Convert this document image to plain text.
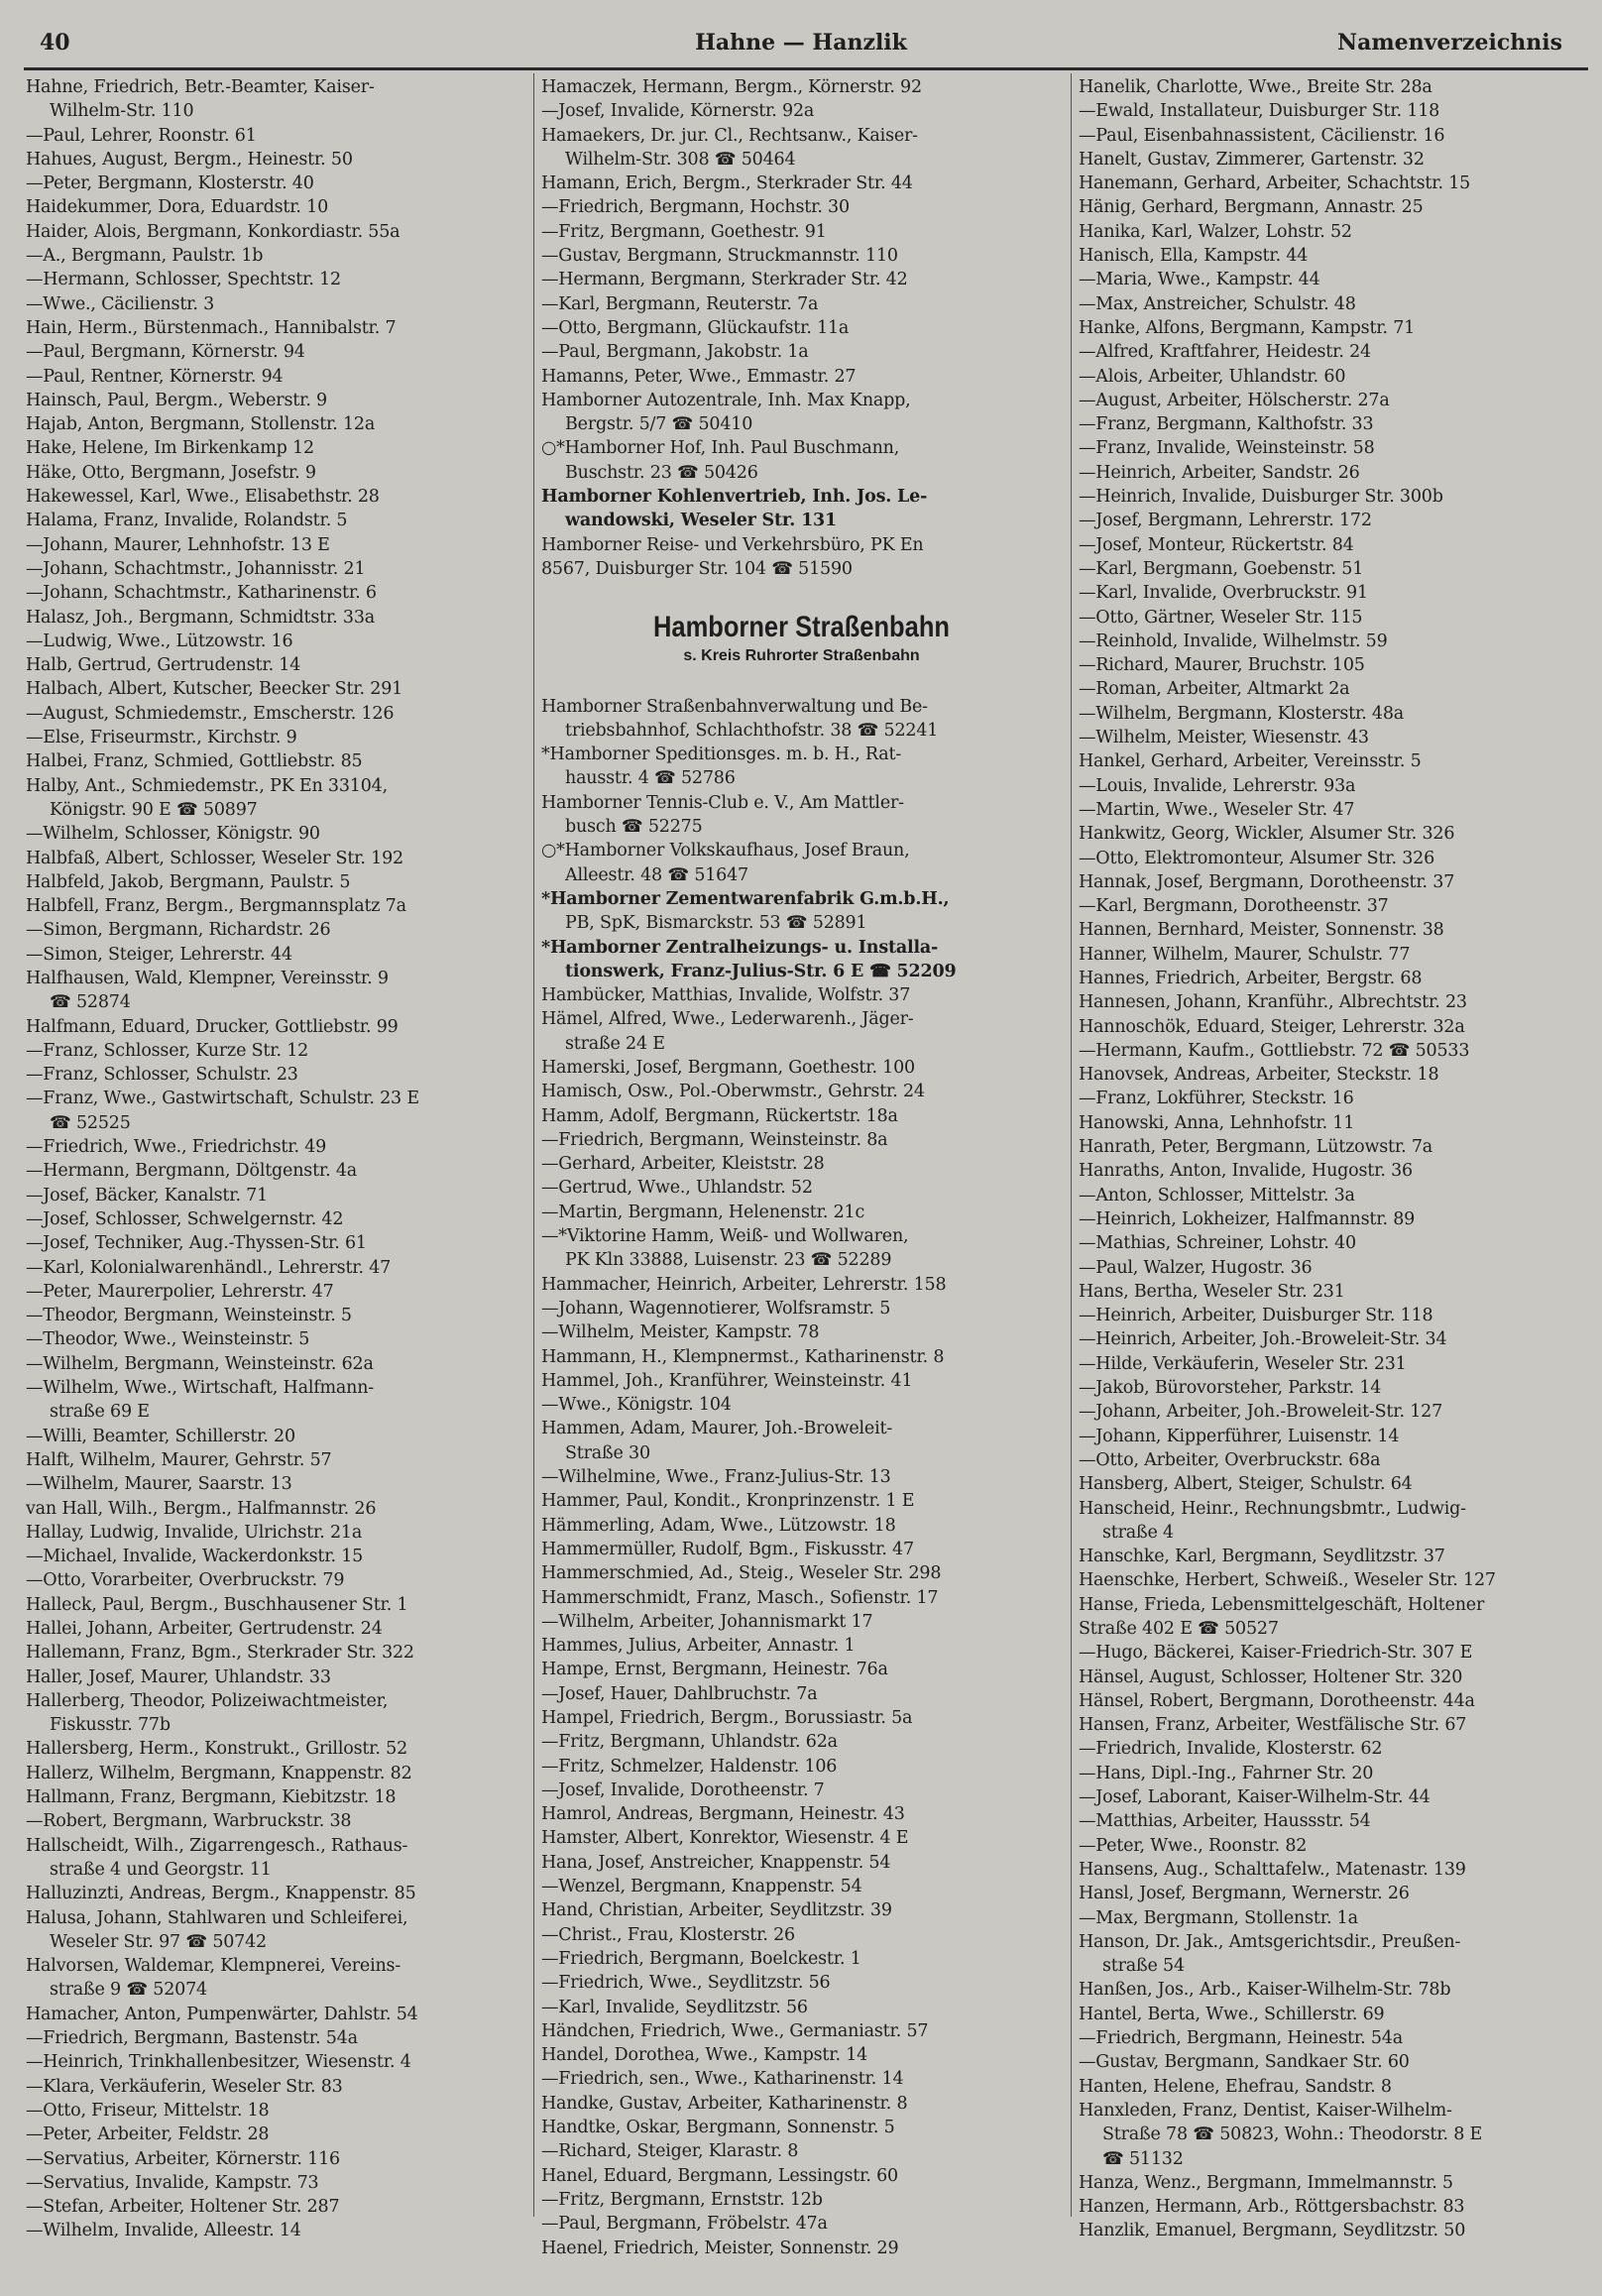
40	Hahne — Hanzlik	Namenverzeichnis
Hahne, Friedrich, Betr.-Beamter, Kaiser-
Wilhelm-Str. 110
—Paul, Lehrer, Roonstr. 61
Hahues, August, Bergm., Heinestr. 50
—Peter, Bergmann, Klosterstr. 40
Haidekummer, Dora, Eduardstr. 10
Haider, Alois, Bergmann, Konkordiastr. 55a
—A., Bergmann, Paulstr. 1b
—Hermann, Schlosser, Spechtstr. 12
—Wwe., Cäcilienstr. 3
Hain, Herm., Bürstenmach., Hannibalstr. 7
—Paul, Bergmann, Körnerstr. 94
—Paul, Rentner, Körnerstr. 94
Hainsch, Paul, Bergm., Weberstr. 9
Hajab, Anton, Bergmann, Stollenstr. 12a
Hake, Helene, Im Birkenkamp 12
Häke, Otto, Bergmann, Josefstr. 9
Hakewessel, Karl, Wwe., Elisabethstr. 28
Halama, Franz, Invalide, Rolandstr. 5
—Johann, Maurer, Lehnhofstr. 13 E
—Johann, Schachtmstr., Johannisstr. 21
—Johann, Schachtmstr., Katharinenstr. 6
Halasz, Joh., Bergmann, Schmidtstr. 33a
—Ludwig, Wwe., Lützowstr. 16
Halb, Gertrud, Gertrudenstr. 14
Halbach, Albert, Kutscher, Beecker Str. 291
—August, Schmiedemstr., Emscherstr. 126
—Else, Friseurmstr., Kirchstr. 9
Halbei, Franz, Schmied, Gottliebstr. 85
Halby, Ant., Schmiedemstr., PK En 33104,
Königstr. 90 E ☎ 50897
—Wilhelm, Schlosser, Königstr. 90
Halbfaß, Albert, Schlosser, Weseler Str. 192
Halbfeld, Jakob, Bergmann, Paulstr. 5
Halbfell, Franz, Bergm., Bergmannsplatz 7a
—Simon, Bergmann, Richardstr. 26
—Simon, Steiger, Lehrerstr. 44
Halfhausen, Wald, Klempner, Vereinsstr. 9
☎ 52874
Halfmann, Eduard, Drucker, Gottliebstr. 99
—Franz, Schlosser, Kurze Str. 12
—Franz, Schlosser, Schulstr. 23
—Franz, Wwe., Gastwirtschaft, Schulstr. 23 E
☎ 52525
—Friedrich, Wwe., Friedrichstr. 49
—Hermann, Bergmann, Döltgenstr. 4a
—Josef, Bäcker, Kanalstr. 71
—Josef, Schlosser, Schwelgernstr. 42
—Josef, Techniker, Aug.-Thyssen-Str. 61
—Karl, Kolonialwarenhändl., Lehrerstr. 47
—Peter, Maurerpolier, Lehrerstr. 47
—Theodor, Bergmann, Weinsteinstr. 5
—Theodor, Wwe., Weinsteinstr. 5
—Wilhelm, Bergmann, Weinsteinstr. 62a
—Wilhelm, Wwe., Wirtschaft, Halfmann-
straße 69 E
—Willi, Beamter, Schillerstr. 20
Halft, Wilhelm, Maurer, Gehrstr. 57
—Wilhelm, Maurer, Saarstr. 13
van Hall, Wilh., Bergm., Halfmannstr. 26
Hallay, Ludwig, Invalide, Ulrichstr. 21a
—Michael, Invalide, Wackerdonkstr. 15
—Otto, Vorarbeiter, Overbruckstr. 79
Halleck, Paul, Bergm., Buschhausener Str. 1
Hallei, Johann, Arbeiter, Gertrudenstr. 24
Hallemann, Franz, Bgm., Sterkrader Str. 322
Haller, Josef, Maurer, Uhlandstr. 33
Hallerberg, Theodor, Polizeiwachtmeister,
Fiskusstr. 77b
Hallersberg, Herm., Konstrukt., Grillostr. 52
Hallerz, Wilhelm, Bergmann, Knappenstr. 82
Hallmann, Franz, Bergmann, Kiebitzstr. 18
—Robert, Bergmann, Warbruckstr. 38
Hallscheidt, Wilh., Zigarrengesch., Rathaus-
straße 4 und Georgstr. 11
Halluzinzti, Andreas, Bergm., Knappenstr. 85
Halusa, Johann, Stahlwaren und Schleiferei,
Weseler Str. 97 ☎ 50742
Halvorsen, Waldemar, Klempnerei, Vereins-
straße 9 ☎ 52074
Hamacher, Anton, Pumpenwärter, Dahlstr. 54
—Friedrich, Bergmann, Bastenstr. 54a
—Heinrich, Trinkhallenbesitzer, Wiesenstr. 4
—Klara, Verkäuferin, Weseler Str. 83
—Otto, Friseur, Mittelstr. 18
—Peter, Arbeiter, Feldstr. 28
—Servatius, Arbeiter, Körnerstr. 116
—Servatius, Invalide, Kampstr. 73
—Stefan, Arbeiter, Holtener Str. 287
—Wilhelm, Invalide, Alleestr. 14
Hamaczek, Hermann, Bergm., Körnerstr. 92
—Josef, Invalide, Körnerstr. 92a
Hamaekers, Dr. jur. Cl., Rechtsanw., Kaiser-
Wilhelm-Str. 308 ☎ 50464
Hamann, Erich, Bergm., Sterkrader Str. 44
—Friedrich, Bergmann, Hochstr. 30
—Fritz, Bergmann, Goethestr. 91
—Gustav, Bergmann, Struckmannstr. 110
—Hermann, Bergmann, Sterkrader Str. 42
—Karl, Bergmann, Reuterstr. 7a
—Otto, Bergmann, Glückaufstr. 11a
—Paul, Bergmann, Jakobstr. 1a
Hamanns, Peter, Wwe., Emmastr. 27
Hamborner Autozentrale, Inh. Max Knapp,
Bergstr. 5/7 ☎ 50410
○*Hamborner Hof, Inh. Paul Buschmann,
Buschstr. 23 ☎ 50426
Hamborner Kohlenvertrieb, Inh. Jos. Le-
wandowski, Weseler Str. 131
Hamborner Reise- und Verkehrsbüro, PK En
8567, Duisburger Str. 104 ☎ 51590
Hamborner Straßenbahn
s. Kreis Ruhrorter Straßenbahn
Hamborner Straßenbahnverwaltung und Be-
triebsbahnhof, Schlachthofstr. 38 ☎ 52241
*Hamborner Speditionsges. m. b. H., Rat-
hausstr. 4 ☎ 52786
Hamborner Tennis-Club e. V., Am Mattler-
busch ☎ 52275
○*Hamborner Volkskaufhaus, Josef Braun,
Alleestr. 48 ☎ 51647
*Hamborner Zementwarenfabrik G.m.b.H.,
PB, SpK, Bismarckstr. 53 ☎ 52891
*Hamborner Zentralheizungs- u. Installa-
tionswerk, Franz-Julius-Str. 6 E ☎ 52209
Hambücker, Matthias, Invalide, Wolfstr. 37
Hämel, Alfred, Wwe., Lederwarenh., Jäger-
straße 24 E
Hamerski, Josef, Bergmann, Goethestr. 100
Hamisch, Osw., Pol.-Oberwmstr., Gehrstr. 24
Hamm, Adolf, Bergmann, Rückertstr. 18a
—Friedrich, Bergmann, Weinsteinstr. 8a
—Gerhard, Arbeiter, Kleiststr. 28
—Gertrud, Wwe., Uhlandstr. 52
—Martin, Bergmann, Helenenstr. 21c
—*Viktorine Hamm, Weiß- und Wollwaren,
PK Kln 33888, Luisenstr. 23 ☎ 52289
Hammacher, Heinrich, Arbeiter, Lehrerstr. 158
—Johann, Wagennotierer, Wolfsramstr. 5
—Wilhelm, Meister, Kampstr. 78
Hammann, H., Klempnermst., Katharinenstr. 8
Hammel, Joh., Kranführer, Weinsteinstr. 41
—Wwe., Königstr. 104
Hammen, Adam, Maurer, Joh.-Broweleit-
Straße 30
—Wilhelmine, Wwe., Franz-Julius-Str. 13
Hammer, Paul, Kondit., Kronprinzenstr. 1 E
Hämmerling, Adam, Wwe., Lützowstr. 18
Hammermüller, Rudolf, Bgm., Fiskusstr. 47
Hammerschmied, Ad., Steig., Weseler Str. 298
Hammerschmidt, Franz, Masch., Sofienstr. 17
—Wilhelm, Arbeiter, Johannismarkt 17
Hammes, Julius, Arbeiter, Annastr. 1
Hampe, Ernst, Bergmann, Heinestr. 76a
—Josef, Hauer, Dahlbruchstr. 7a
Hampel, Friedrich, Bergm., Borussiastr. 5a
—Fritz, Bergmann, Uhlandstr. 62a
—Fritz, Schmelzer, Haldenstr. 106
—Josef, Invalide, Dorotheenstr. 7
Hamrol, Andreas, Bergmann, Heinestr. 43
Hamster, Albert, Konrektor, Wiesenstr. 4 E
Hana, Josef, Anstreicher, Knappenstr. 54
—Wenzel, Bergmann, Knappenstr. 54
Hand, Christian, Arbeiter, Seydlitzstr. 39
—Christ., Frau, Klosterstr. 26
—Friedrich, Bergmann, Boelckestr. 1
—Friedrich, Wwe., Seydlitzstr. 56
—Karl, Invalide, Seydlitzstr. 56
Händchen, Friedrich, Wwe., Germaniastr. 57
Handel, Dorothea, Wwe., Kampstr. 14
—Friedrich, sen., Wwe., Katharinenstr. 14
Handke, Gustav, Arbeiter, Katharinenstr. 8
Handtke, Oskar, Bergmann, Sonnenstr. 5
—Richard, Steiger, Klarastr. 8
Hanel, Eduard, Bergmann, Lessingstr. 60
—Fritz, Bergmann, Ernststr. 12b
—Paul, Bergmann, Fröbelstr. 47a
Haenel, Friedrich, Meister, Sonnenstr. 29
Hanelik, Charlotte, Wwe., Breite Str. 28a
—Ewald, Installateur, Duisburger Str. 118
—Paul, Eisenbahnassistent, Cäcilienstr. 16
Hanelt, Gustav, Zimmerer, Gartenstr. 32
Hanemann, Gerhard, Arbeiter, Schachtstr. 15
Hänig, Gerhard, Bergmann, Annastr. 25
Hanika, Karl, Walzer, Lohstr. 52
Hanisch, Ella, Kampstr. 44
—Maria, Wwe., Kampstr. 44
—Max, Anstreicher, Schulstr. 48
Hanke, Alfons, Bergmann, Kampstr. 71
—Alfred, Kraftfahrer, Heidestr. 24
—Alois, Arbeiter, Uhlandstr. 60
—August, Arbeiter, Hölscherstr. 27a
—Franz, Bergmann, Kalthofstr. 33
—Franz, Invalide, Weinsteinstr. 58
—Heinrich, Arbeiter, Sandstr. 26
—Heinrich, Invalide, Duisburger Str. 300b
—Josef, Bergmann, Lehrerstr. 172
—Josef, Monteur, Rückertstr. 84
—Karl, Bergmann, Goebenstr. 51
—Karl, Invalide, Overbruckstr. 91
—Otto, Gärtner, Weseler Str. 115
—Reinhold, Invalide, Wilhelmstr. 59
—Richard, Maurer, Bruchstr. 105
—Roman, Arbeiter, Altmarkt 2a
—Wilhelm, Bergmann, Klosterstr. 48a
—Wilhelm, Meister, Wiesenstr. 43
Hankel, Gerhard, Arbeiter, Vereinsstr. 5
—Louis, Invalide, Lehrerstr. 93a
—Martin, Wwe., Weseler Str. 47
Hankwitz, Georg, Wickler, Alsumer Str. 326
—Otto, Elektromonteur, Alsumer Str. 326
Hannak, Josef, Bergmann, Dorotheenstr. 37
—Karl, Bergmann, Dorotheenstr. 37
Hannen, Bernhard, Meister, Sonnenstr. 38
Hanner, Wilhelm, Maurer, Schulstr. 77
Hannes, Friedrich, Arbeiter, Bergstr. 68
Hannesen, Johann, Kranführ., Albrechtstr. 23
Hannoschök, Eduard, Steiger, Lehrerstr. 32a
—Hermann, Kaufm., Gottliebstr. 72 ☎ 50533
Hanovsek, Andreas, Arbeiter, Steckstr. 18
—Franz, Lokführer, Steckstr. 16
Hanowski, Anna, Lehnhofstr. 11
Hanrath, Peter, Bergmann, Lützowstr. 7a
Hanraths, Anton, Invalide, Hugostr. 36
—Anton, Schlosser, Mittelstr. 3a
—Heinrich, Lokheizer, Halfmannstr. 89
—Mathias, Schreiner, Lohstr. 40
—Paul, Walzer, Hugostr. 36
Hans, Bertha, Weseler Str. 231
—Heinrich, Arbeiter, Duisburger Str. 118
—Heinrich, Arbeiter, Joh.-Broweleit-Str. 34
—Hilde, Verkäuferin, Weseler Str. 231
—Jakob, Bürovorsteher, Parkstr. 14
—Johann, Arbeiter, Joh.-Broweleit-Str. 127
—Johann, Kipperführer, Luisenstr. 14
—Otto, Arbeiter, Overbruckstr. 68a
Hansberg, Albert, Steiger, Schulstr. 64
Hanscheid, Heinr., Rechnungsbmtr., Ludwig-
straße 4
Hanschke, Karl, Bergmann, Seydlitzstr. 37
Haenschke, Herbert, Schweiß., Weseler Str. 127
Hanse, Frieda, Lebensmittelgeschäft, Holtener
Straße 402 E ☎ 50527
—Hugo, Bäckerei, Kaiser-Friedrich-Str. 307 E
Hänsel, August, Schlosser, Holtener Str. 320
Hänsel, Robert, Bergmann, Dorotheenstr. 44a
Hansen, Franz, Arbeiter, Westfälische Str. 67
—Friedrich, Invalide, Klosterstr. 62
—Hans, Dipl.-Ing., Fahrner Str. 20
—Josef, Laborant, Kaiser-Wilhelm-Str. 44
—Matthias, Arbeiter, Haussstr. 54
—Peter, Wwe., Roonstr. 82
Hansens, Aug., Schalttafelw., Matenastr. 139
Hansl, Josef, Bergmann, Wernerstr. 26
—Max, Bergmann, Stollenstr. 1a
Hanson, Dr. Jak., Amtsgerichtsdir., Preußen-
straße 54
Hanßen, Jos., Arb., Kaiser-Wilhelm-Str. 78b
Hantel, Berta, Wwe., Schillerstr. 69
—Friedrich, Bergmann, Heinestr. 54a
—Gustav, Bergmann, Sandkaer Str. 60
Hanten, Helene, Ehefrau, Sandstr. 8
Hanxleden, Franz, Dentist, Kaiser-Wilhelm-
Straße 78 ☎ 50823, Wohn.: Theodorstr. 8 E
☎ 51132
Hanza, Wenz., Bergmann, Immelmannstr. 5
Hanzen, Hermann, Arb., Röttgersbachstr. 83
Hanzlik, Emanuel, Bergmann, Seydlitzstr. 50
